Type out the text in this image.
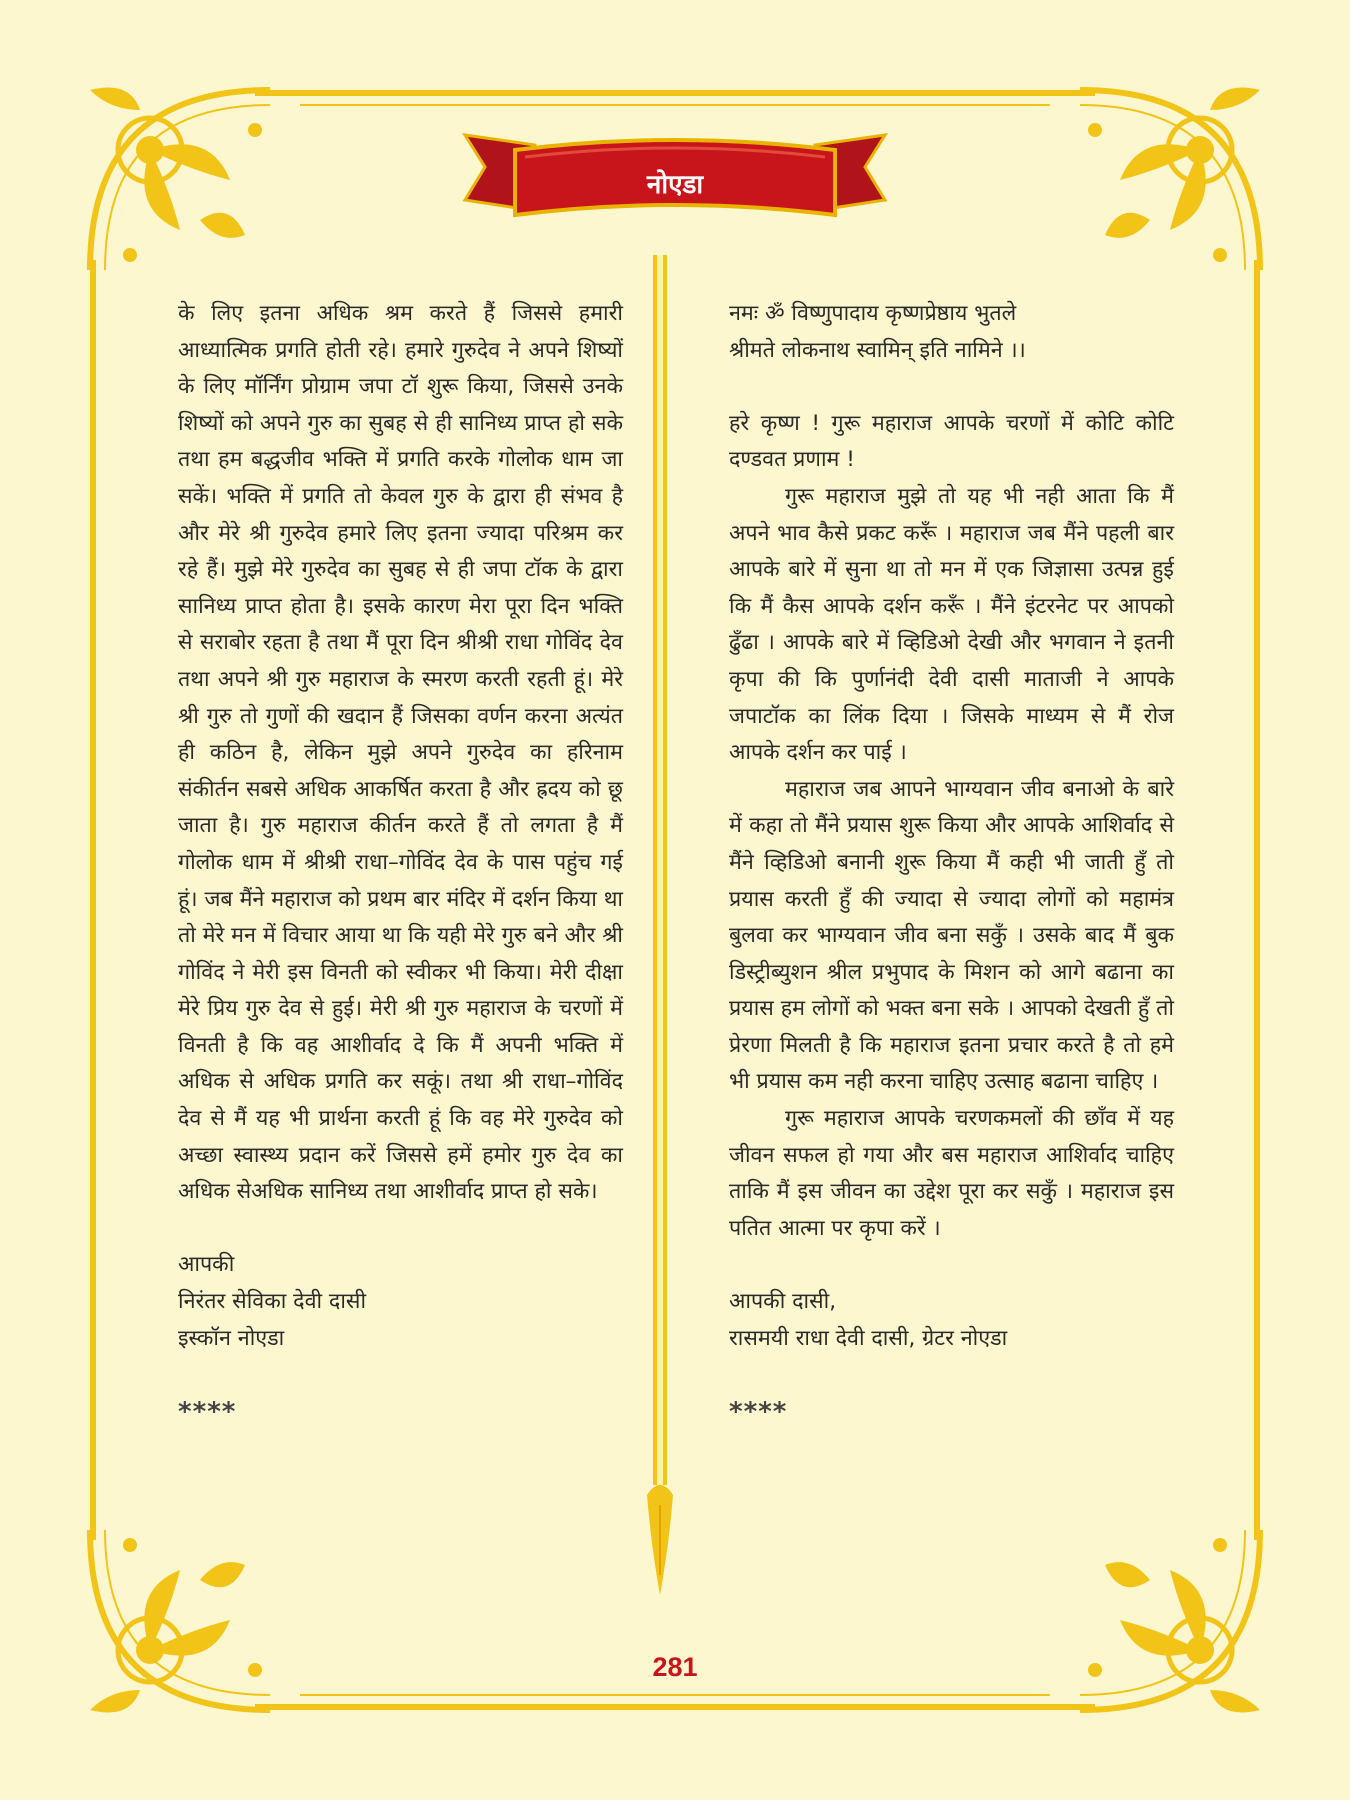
नोएडा

के लिए इतना अधिक श्रम करते हैं जिससे हमारी आध्यात्मिक प्रगति होती रहे। हमारे गुरुदेव ने अपने शिष्यों के लिए मॉर्निंग प्रोग्राम जपा टॉ शुरू किया, जिससे उनके शिष्यों को अपने गुरु का सुबह से ही सानिध्य प्राप्त हो सके तथा हम बद्धजीव भक्ति में प्रगति करके गोलोक धाम जा सकें। भक्ति में प्रगति तो केवल गुरु के द्वारा ही संभव है और मेरे श्री गुरुदेव हमारे लिए इतना ज्यादा परिश्रम कर रहे हैं। मुझे मेरे गुरुदेव का सुबह से ही जपा टॉक के द्वारा सानिध्य प्राप्त होता है। इसके कारण मेरा पूरा दिन भक्ति से सराबोर रहता है तथा मैं पूरा दिन श्रीश्री राधा गोविंद देव तथा अपने श्री गुरु महाराज के स्मरण करती रहती हूं। मेरे श्री गुरु तो गुणों की खदान हैं जिसका वर्णन करना अत्यंत ही कठिन है, लेकिन मुझे अपने गुरुदेव का हरिनाम संकीर्तन सबसे अधिक आकर्षित करता है और ह्रदय को छू जाता है। गुरु महाराज कीर्तन करते हैं तो लगता है मैं गोलोक धाम में श्रीश्री राधा–गोविंद देव के पास पहुंच गई हूं। जब मैंने महाराज को प्रथम बार मंदिर में दर्शन किया था तो मेरे मन में विचार आया था कि यही मेरे गुरु बने और श्री गोविंद ने मेरी इस विनती को स्वीकर भी किया। मेरी दीक्षा मेरे प्रिय गुरु देव से हुई। मेरी श्री गुरु महाराज के चरणों में विनती है कि वह आशीर्वाद दे कि मैं अपनी भक्ति में अधिक से अधिक प्रगति कर सकूं। तथा श्री राधा–गोविंद देव से मैं यह भी प्रार्थना करती हूं कि वह मेरे गुरुदेव को अच्छा स्वास्थ्य प्रदान करें जिससे हमें हमोर गुरु देव का अधिक सेअधिक सानिध्य तथा आशीर्वाद प्राप्त हो सके।

आपकी

निरंतर सेविका देवी दासी

इस्कॉन नोएडा

****

नमः ॐ विष्णुपादाय कृष्णप्रेष्ठाय भुतले

श्रीमते लोकनाथ स्वामिन् इति नामिने ।।

हरे कृष्ण ! गुरू महाराज आपके चरणों में कोटि कोटि दण्डवत प्रणाम !

गुरू महाराज मुझे तो यह भी नही आता कि मैं अपने भाव कैसे प्रकट करूँ । महाराज जब मैंने पहली बार आपके बारे में सुना था तो मन में एक जिज्ञासा उत्पन्न हुई कि मैं कैस आपके दर्शन करूँ । मैंने इंटरनेट पर आपको ढुँढा । आपके बारे में व्हिडिओ देखी और भगवान ने इतनी कृपा की कि पुर्णानंदी देवी दासी माताजी ने आपके जपाटॉक का लिंक दिया । जिसके माध्यम से मैं रोज आपके दर्शन कर पाई ।

महाराज जब आपने भाग्यवान जीव बनाओ के बारे में कहा तो मैंने प्रयास शुरू किया और आपके आशिर्वाद से मैंने व्हिडिओ बनानी शुरू किया मैं कही भी जाती हुँ तो प्रयास करती हुँ की ज्यादा से ज्यादा लोगों को महामंत्र बुलवा कर भाग्यवान जीव बना सकुँ । उसके बाद मैं बुक डिस्ट्रीब्युशन श्रील प्रभुपाद के मिशन को आगे बढाना का प्रयास हम लोगों को भक्त बना सके । आपको देखती हुँ तो प्रेरणा मिलती है कि महाराज इतना प्रचार करते है तो हमे भी प्रयास कम नही करना चाहिए उत्साह बढाना चाहिए ।

गुरू महाराज आपके चरणकमलों की छाँव में यह जीवन सफल हो गया और बस महाराज आशिर्वाद चाहिए ताकि मैं इस जीवन का उद्देश पूरा कर सकुँ । महाराज इस पतित आत्मा पर कृपा करें ।

आपकी दासी,

रासमयी राधा देवी दासी, ग्रेटर नोएडा

****

281
